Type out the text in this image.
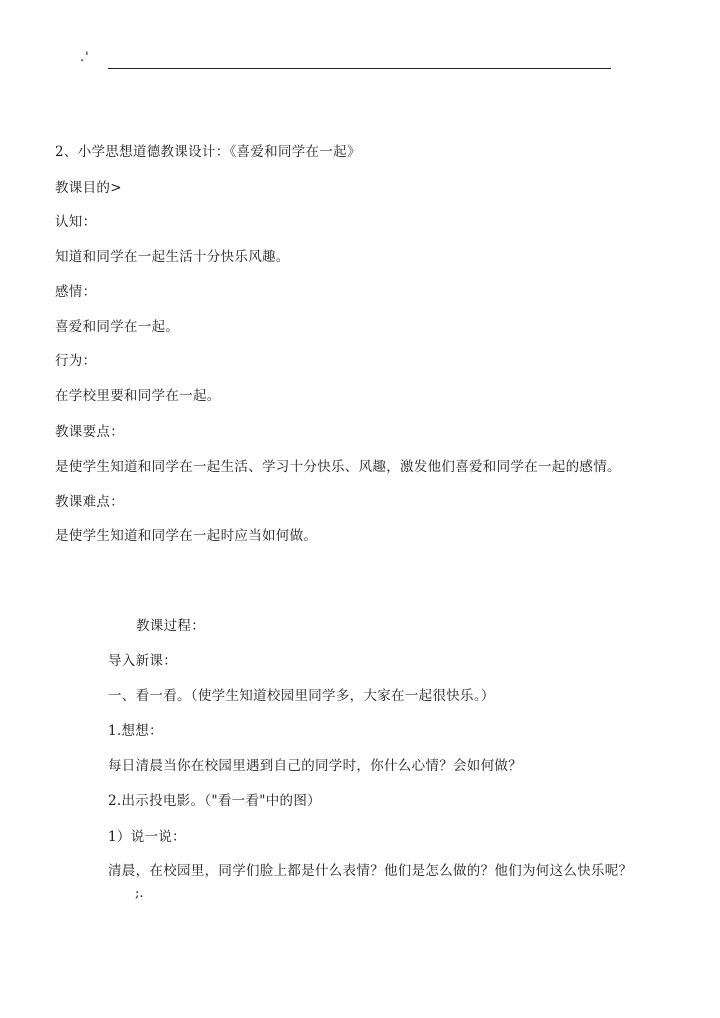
.'
2、小学思想道德教课设计：《喜爱和同学在一起》
教课目的>
认知：
知道和同学在一起生活十分快乐风趣。
感情：
喜爱和同学在一起。
行为：
在学校里要和同学在一起。
教课要点：
是使学生知道和同学在一起生活、学习十分快乐、风趣，激发他们喜爱和同学在一起的感情。
教课难点：
是使学生知道和同学在一起时应当如何做。
教课过程：
导入新课：
一、看一看。（使学生知道校园里同学多，大家在一起很快乐。）
1.想想：
每日清晨当你在校园里遇到自己的同学时，你什么心情？会如何做？
2.出示投电影。（"看一看"中的图）
1）说一说：
清晨，在校园里，同学们脸上都是什么表情？他们是怎么做的？他们为何这么快乐呢？
;.
